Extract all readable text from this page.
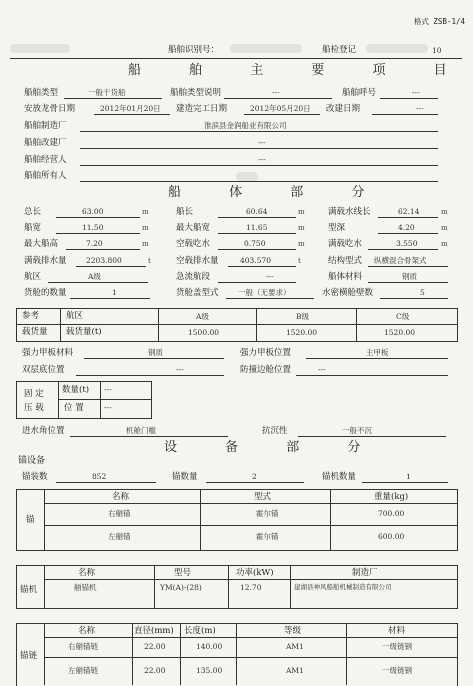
格式 ZSB-1/4
船舶识别号：	船检登记	10
船 舶 主 要 项 目
船舶类型	一般干货船	船舶类型说明	---	船舶呼号	---
安放龙骨日期	2012年01月20日 建造完工日期	2012年05月20日 改建日期	---
船舶制造厂	淮滨县金润船业有限公司
船舶改建厂	---
船舶经营人	---
船舶所有人
船 体 部 分
总长	63.00	m	船长	60.64	m	满载水线长	62.14	m
船宽	11.50	m	最大船宽	11.65	m	型深	4.20	m
最大船高	7.20	m	空载吃水	0.750	m	满载吃水	3.550	m
满载排水量	2203.800	t	空载排水量	403.570	t	结构型式 纵横混合骨架式
航区	A级	急流航段	---	船体材料	钢质
货舱的数量	1	货舱盖型式	一般（无要求）	水密横舱壁数	5
参考
载货量
航区
载货量(t)
A级	B级	C级
1500.00	1520.00	1520.00
强力甲板材料	钢质	强力甲板位置	主甲板
双层底位置	---	防撞边舱位置	---
固 定
压 载
数量(t) ---
位 置	---
进水角位置	机舱门槛	抗沉性	一般不沉
设 备 部 分
锚设备
锚装数	852	锚数量	2	锚机数量	1
锚
名称	型式	重量(kg)
右艏锚	霍尔锚	700.00
左艏锚	霍尔锚	600.00
锚机
名称	型号	功率(kW)	制造厂
艏锚机	YM(A)-(28)	12.70	建湖县神风船舶机械制造有限公司
锚链
名称	直径(mm) 长度(m)	等级	材料
右艏锚链	22.00	140.00	AM1	一级链钢
左艏锚链	22.00	135.00	AM1	一级链钢
